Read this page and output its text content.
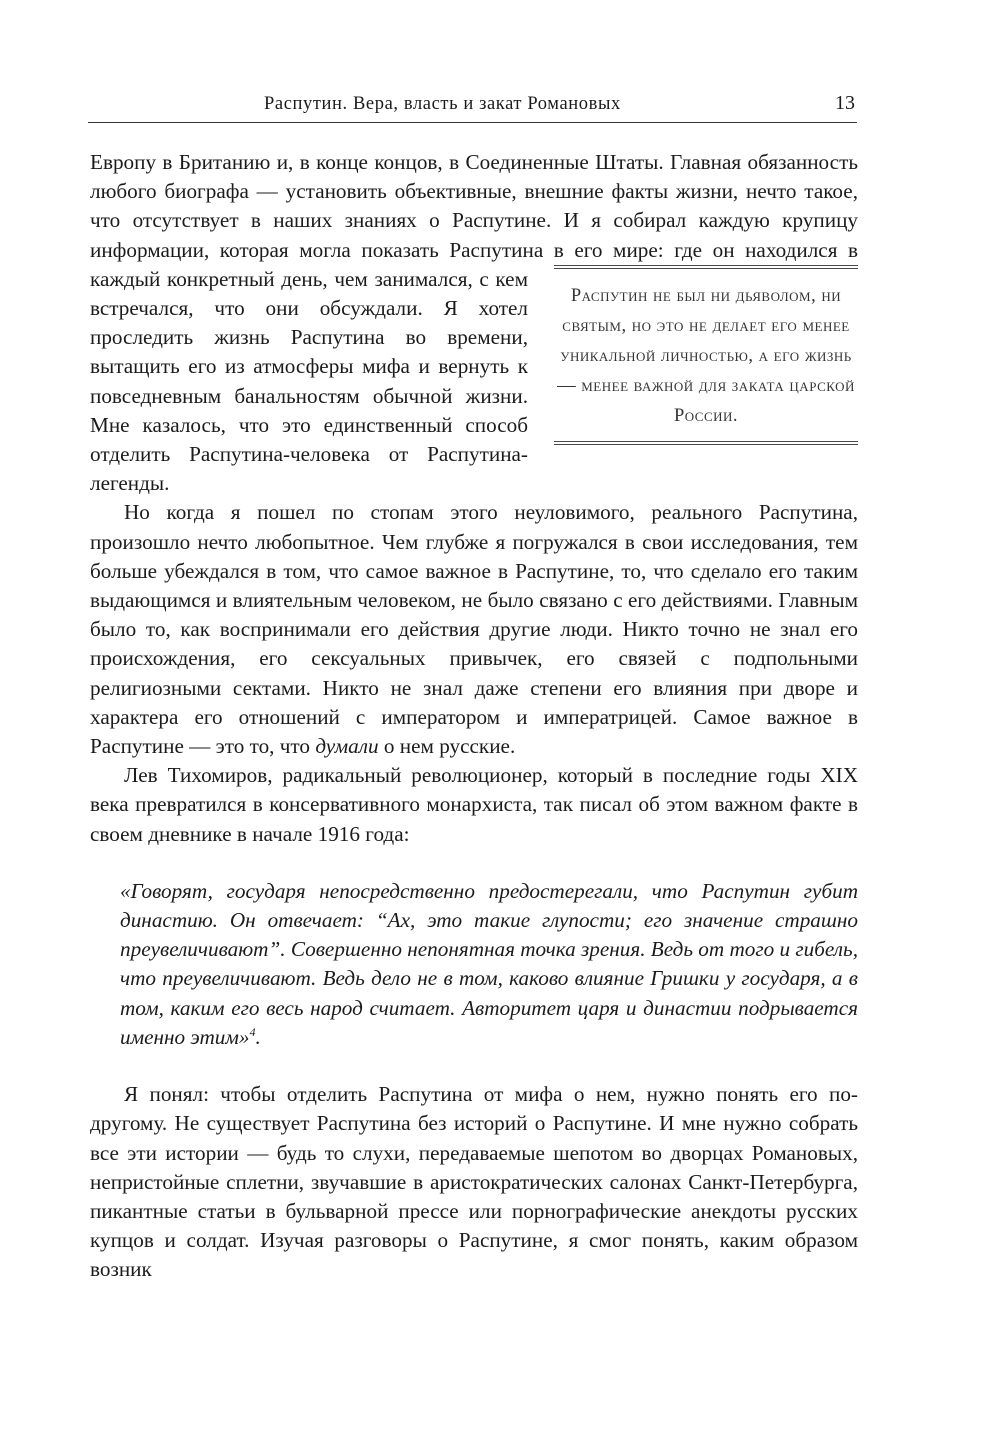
Распутин. Вера, власть и закат Романовых	13

Европу в Британию и, в конце концов, в Соединенные Штаты. Главная обязанность любого биографа — установить объективные, внешние факты жизни, нечто такое, что отсутствует в наших знаниях о Распутине. И я собирал каждую крупицу информации, которая могла показать Распутина в его мире: где он находился в каждый конкретный день, чем
Распутин не был ни дьяволом, ни святым, но это не делает его менее уникальной личностью, а его жизнь — менее важной для заката царской России.
занимался, с кем встречался, что они обсуждали. Я хотел проследить жизнь Распутина во времени, вытащить его из атмосферы мифа и вернуть к повседневным банальностям обычной жизни. Мне казалось, что это единственный способ отделить Распутина-человека от Распутина-легенды.

Но когда я пошел по стопам этого неуловимого, реального Распутина, произошло нечто любопытное. Чем глубже я погружался в свои исследования, тем больше убеждался в том, что самое важное в Распутине, то, что сделало его таким выдающимся и влиятельным человеком, не было связано с его действиями. Главным было то, как воспринимали его действия другие люди. Никто точно не знал его происхождения, его сексуальных привычек, его связей с подпольными религиозными сектами. Никто не знал даже степени его влияния при дворе и характера его отношений с императором и императрицей. Самое важное в Распутине — это то, что думали о нем русские.

Лев Тихомиров, радикальный революционер, который в последние годы XIX века превратился в консервативного монархиста, так писал об этом важном факте в своем дневнике в начале 1916 года:

«Говорят, государя непосредственно предостерегали, что Распутин губит династию. Он отвечает: “Ах, это такие глупости; его значение страшно преувеличивают”. Совершенно непонятная точка зрения. Ведь от того и гибель, что преувеличивают. Ведь дело не в том, каково влияние Гришки у государя, а в том, каким его весь народ считает. Авторитет царя и династии подрывается именно этим»$^4$.

Я понял: чтобы отделить Распутина от мифа о нем, нужно понять его по-другому. Не существует Распутина без историй о Распутине. И мне нужно собрать все эти истории — будь то слухи, передаваемые шепотом во дворцах Романовых, непристойные сплетни, звучавшие в аристократических салонах Санкт-Петербурга, пикантные статьи в бульварной прессе или порнографические анекдоты русских купцов и солдат. Изучая разговоры о Распутине, я смог понять, каким образом возник
